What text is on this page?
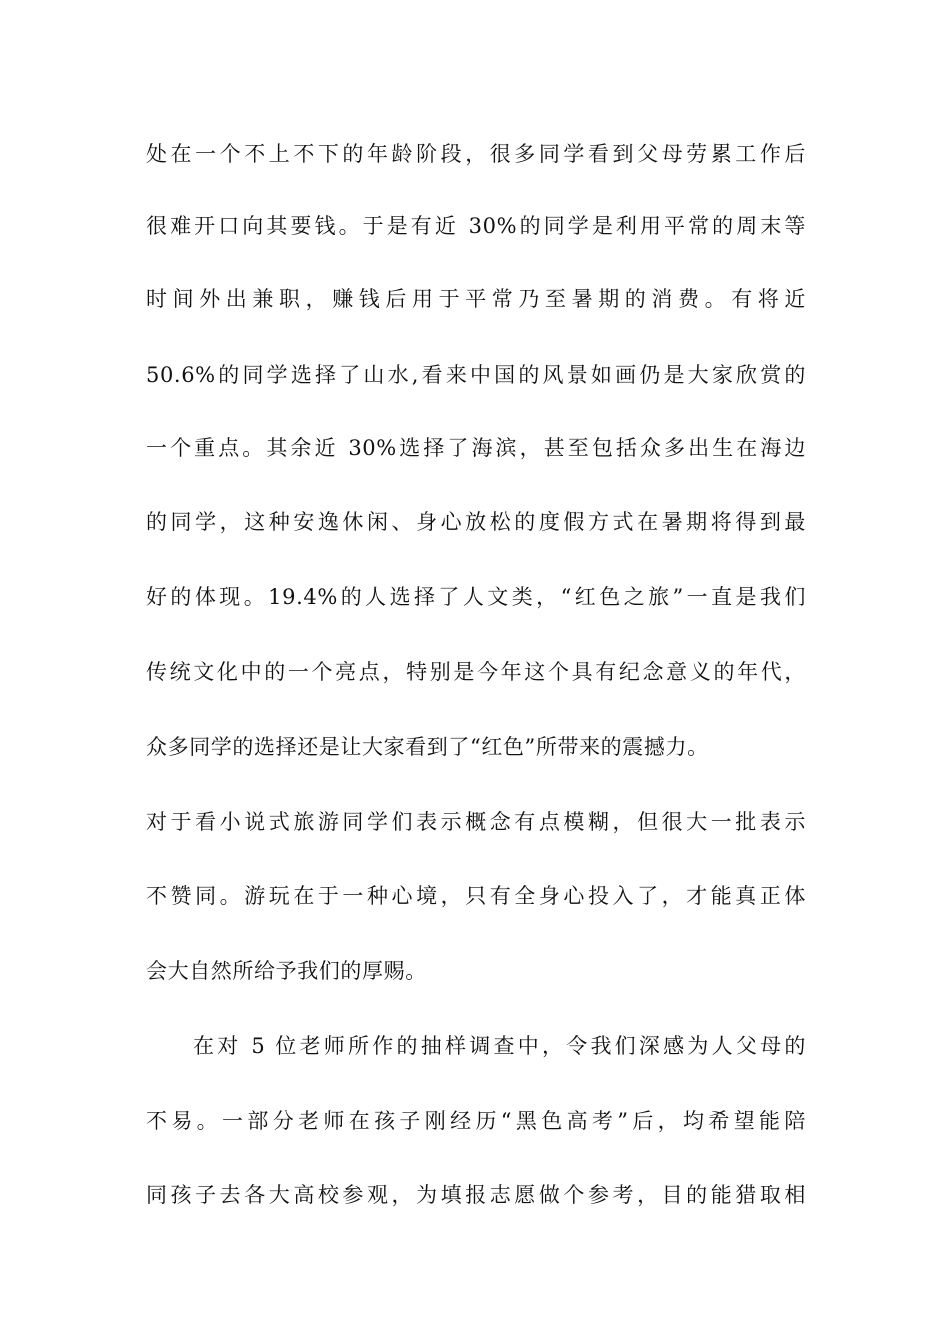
处在一个不上不下的年龄阶段，很多同学看到父母劳累工作后
很难开口向其要钱。于是有近 30%的同学是利用平常的周末等
时间外出兼职，赚钱后用于平常乃至暑期的消费。有将近
50.6%的同学选择了山水,看来中国的风景如画仍是大家欣赏的
一个重点。其余近 30%选择了海滨，甚至包括众多出生在海边
的同学，这种安逸休闲、身心放松的度假方式在暑期将得到最
好的体现。19.4%的人选择了人文类，“红色之旅”一直是我们
传统文化中的一个亮点，特别是今年这个具有纪念意义的年代，
众多同学的选择还是让大家看到了“红色”所带来的震撼力。
对于看小说式旅游同学们表示概念有点模糊，但很大一批表示
不赞同。游玩在于一种心境，只有全身心投入了，才能真正体
会大自然所给予我们的厚赐。
在对 5 位老师所作的抽样调查中，令我们深感为人父母的
不易。一部分老师在孩子刚经历“黑色高考”后，均希望能陪
同孩子去各大高校参观，为填报志愿做个参考，目的能猎取相
